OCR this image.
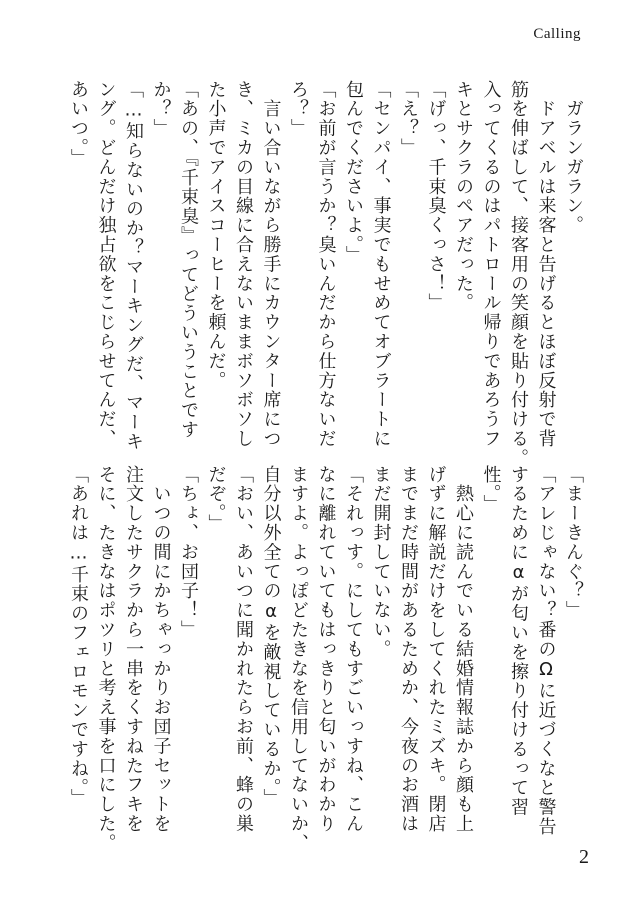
Calling
　ガランガラン。
　ドアベルは来客と告げるとほぼ反射で背
筋を伸ばして、接客用の笑顔を貼り付ける。
入ってくるのはパトロール帰りであろうフ
キとサクラのペアだった。
「げっ、千束臭くっさ！」
「え？」
「センパイ、事実でもせめてオブラートに
包んでくださいよ。」
「お前が言うか？臭いんだから仕方ないだ
ろ？」
　言い合いながら勝手にカウンター席につ
き、ミカの目線に合えないままボソボソし
た小声でアイスコーヒーを頼んだ。
「あの、『千束臭』ってどういうことです
か？」
「…知らないのか？マーキングだ、マーキ
ング。どんだけ独占欲をこじらせてんだ、
あいつ。」
「まーきんぐ？」
「アレじゃない？番のΩに近づくなと警告
するためにαが匂いを擦り付けるって習
性。」
　熱心に読んでいる結婚情報誌から顔も上
げずに解説だけをしてくれたミズキ。閉店
までまだ時間があるためか、今夜のお酒は
まだ開封していない。
「それっす。にしてもすごいっすね、こん
なに離れていてもはっきりと匂いがわかり
ますよ。よっぽどたきなを信用してないか、
自分以外全てのαを敵視しているか。」
「おい、あいつに聞かれたらお前、蜂の巣
だぞ。」
「ちょ、お団子！」
　いつの間にかちゃっかりお団子セットを
注文したサクラから一串をくすねたフキを
そに、たきなはポツリと考え事を口にした。
「あれは…千束のフェロモンですね。」
2
